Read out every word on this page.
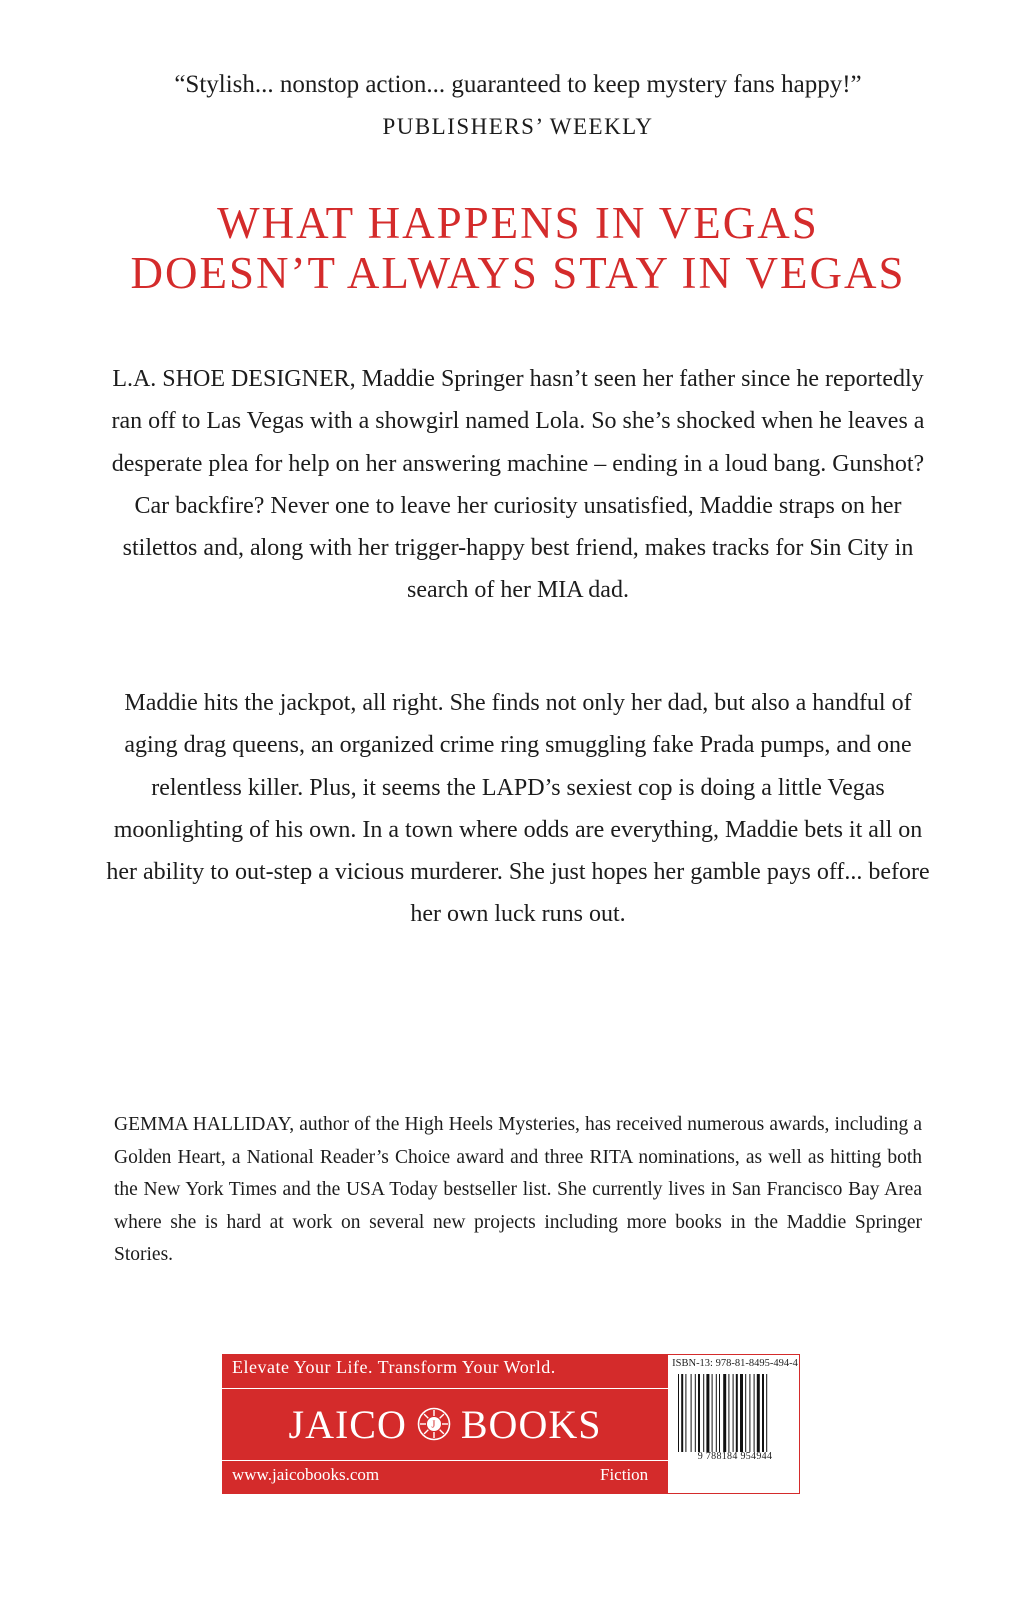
“Stylish... nonstop action... guaranteed to keep mystery fans happy!”
PUBLISHERS’ WEEKLY
WHAT HAPPENS IN VEGAS
DOESN’T ALWAYS STAY IN VEGAS
L.A. SHOE DESIGNER, Maddie Springer hasn’t seen her father since he reportedly ran off to Las Vegas with a showgirl named Lola. So she’s shocked when he leaves a desperate plea for help on her answering machine – ending in a loud bang. Gunshot? Car backfire? Never one to leave her curiosity unsatisfied, Maddie straps on her stilettos and, along with her trigger-happy best friend, makes tracks for Sin City in search of her MIA dad.
Maddie hits the jackpot, all right. She finds not only her dad, but also a handful of aging drag queens, an organized crime ring smuggling fake Prada pumps, and one relentless killer. Plus, it seems the LAPD’s sexiest cop is doing a little Vegas moonlighting of his own. In a town where odds are everything, Maddie bets it all on her ability to out-step a vicious murderer. She just hopes her gamble pays off... before her own luck runs out.
GEMMA HALLIDAY, author of the High Heels Mysteries, has received numerous awards, including a Golden Heart, a National Reader’s Choice award and three RITA nominations, as well as hitting both the New York Times and the USA Today bestseller list. She currently lives in San Francisco Bay Area where she is hard at work on several new projects including more books in the Maddie Springer Stories.
Elevate Your Life. Transform Your World.
JAICO J BOOKS
www.jaicobooks.com	Fiction
ISBN-13: 978-81-8495-494-4
9 788184 954944
